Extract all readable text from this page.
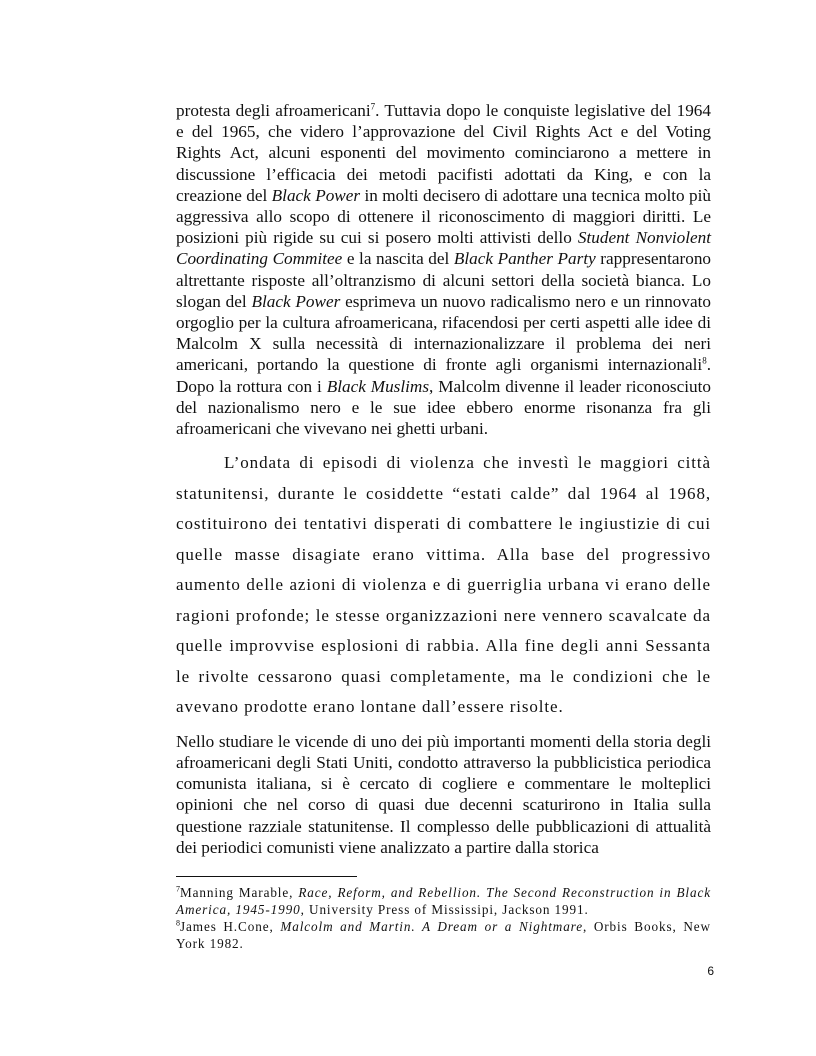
protesta degli afroamericani$^7$. Tuttavia dopo le conquiste legislative del 1964 e del 1965, che videro l’approvazione del Civil Rights Act e del Voting Rights Act, alcuni esponenti del movimento cominciarono a mettere in discussione l’efficacia dei metodi pacifisti adottati da King, e con la creazione del Black Power in molti decisero di adottare una tecnica molto più aggressiva allo scopo di ottenere il riconoscimento di maggiori diritti. Le posizioni più rigide su cui si posero molti attivisti dello Student Nonviolent Coordinating Commitee e la nascita del Black Panther Party rappresentarono altrettante risposte all’oltranzismo di alcuni settori della società bianca. Lo slogan del Black Power esprimeva un nuovo radicalismo nero e un rinnovato orgoglio per la cultura afroamericana, rifacendosi per certi aspetti alle idee di Malcolm X sulla necessità di internazionalizzare il problema dei neri americani, portando la questione di fronte agli organismi internazionali$^8$. Dopo la rottura con i Black Muslims, Malcolm divenne il leader riconosciuto del nazionalismo nero e le sue idee ebbero enorme risonanza fra gli afroamericani che vivevano nei ghetti urbani.

L’ondata di episodi di violenza che investì le maggiori città statunitensi, durante le cosiddette “estati calde” dal 1964 al 1968, costituirono dei tentativi disperati di combattere le ingiustizie di cui quelle masse disagiate erano vittima. Alla base del progressivo aumento delle azioni di violenza e di guerriglia urbana vi erano delle ragioni profonde; le stesse organizzazioni nere vennero scavalcate da quelle improvvise esplosioni di rabbia. Alla fine degli anni Sessanta le rivolte cessarono quasi completamente, ma le condizioni che le avevano prodotte erano lontane dall’essere risolte.

Nello studiare le vicende di uno dei più importanti momenti della storia degli afroamericani degli Stati Uniti, condotto attraverso la pubblicistica periodica comunista italiana, si è cercato di cogliere e commentare le molteplici opinioni che nel corso di quasi due decenni scaturirono in Italia sulla questione razziale statunitense. Il complesso delle pubblicazioni di attualità dei periodici comunisti viene analizzato a partire dalla storica

$^7$Manning Marable, Race, Reform, and Rebellion. The Second Reconstruction in Black America, 1945-1990, University Press of Mississipi, Jackson 1991.

$^8$James H.Cone, Malcolm and Martin. A Dream or a Nightmare, Orbis Books, New York 1982.

6
